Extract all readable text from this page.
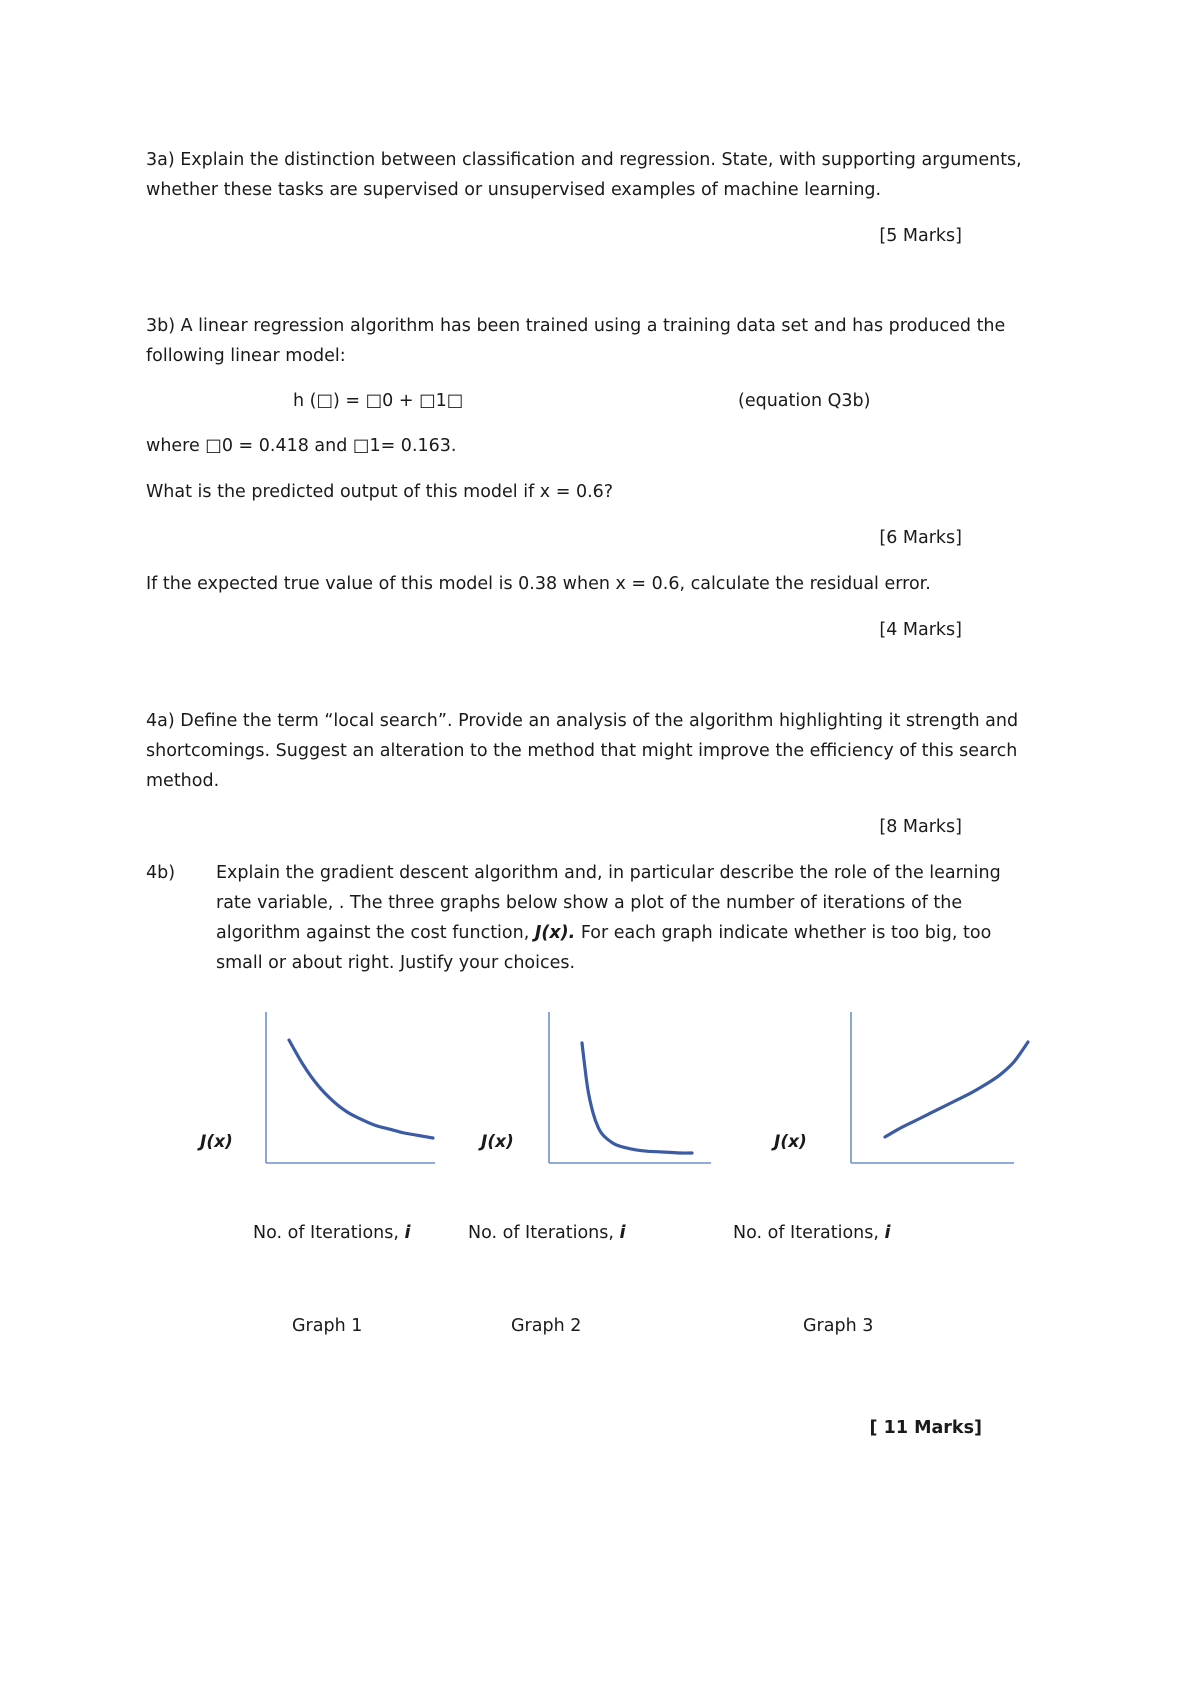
3a) Explain the distinction between classification and regression. State, with supporting arguments,
whether these tasks are supervised or unsupervised examples of machine learning.
[5 Marks]
3b) A linear regression algorithm has been trained using a training data set and has produced the
following linear model:
h (□) = □0 + □1□	(equation Q3b)
where □0 = 0.418 and □1= 0.163.
What is the predicted output of this model if x = 0.6?
[6 Marks]
If the expected true value of this model is 0.38 when x = 0.6, calculate the residual error.
[4 Marks]
4a) Define the term “local search”. Provide an analysis of the algorithm highlighting it strength and
shortcomings. Suggest an alteration to the method that might improve the efficiency of this search
method.
[8 Marks]
4b) Explain the gradient descent algorithm and, in particular describe the role of the learning
rate variable, . The three graphs below show a plot of the number of iterations of the
algorithm against the cost function, J(x). For each graph indicate whether is too big, too
small or about right. Justify your choices.
J(x)	J(x)	J(x)
No. of Iterations, i	No. of Iterations, i	No. of Iterations, i
Graph 1	Graph 2	Graph 3
[ 11 Marks]
